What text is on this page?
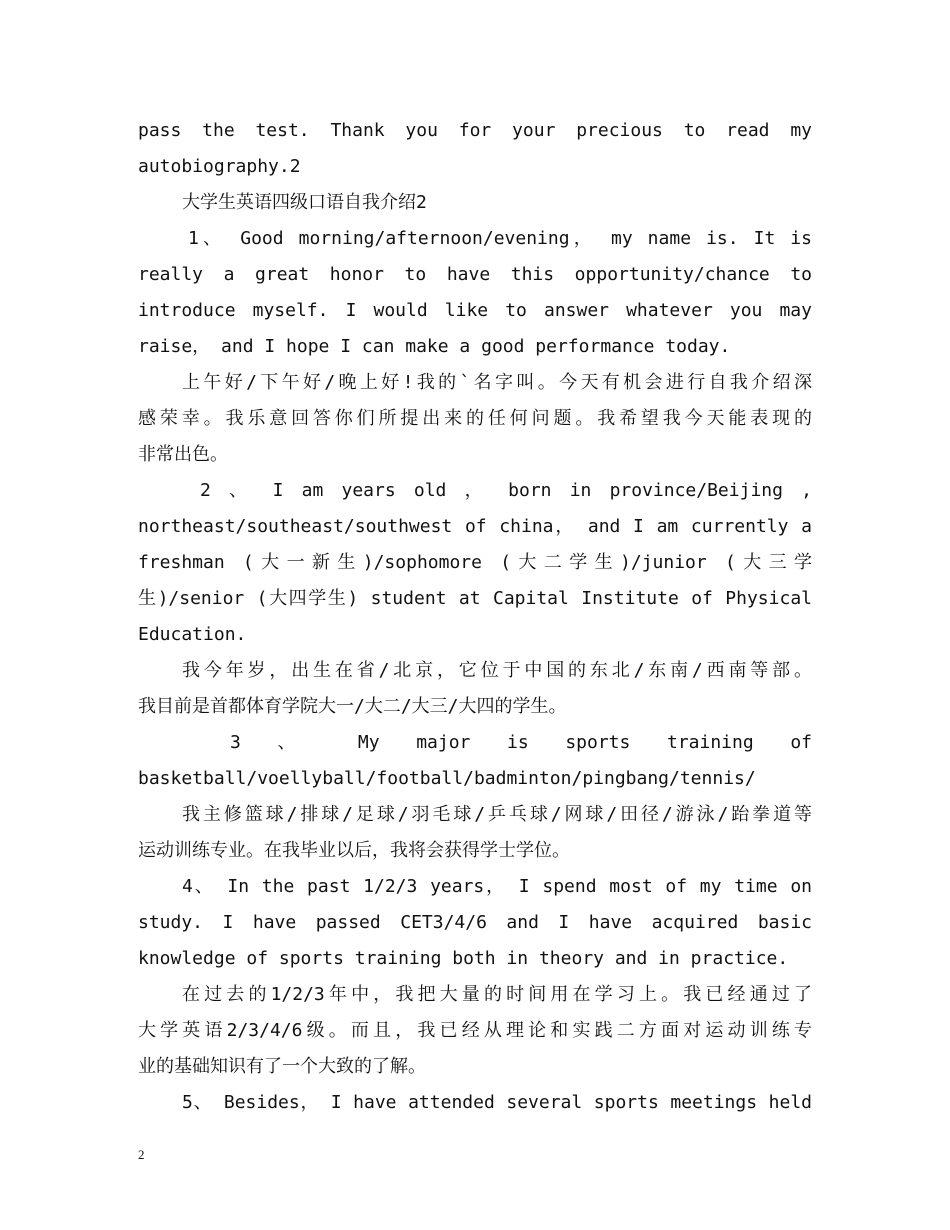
pass the test. Thank you for your precious to read my
autobiography.2
大学生英语四级口语自我介绍2
1、 Good morning/afternoon/evening， my name is. It is
really a great honor to have this opportunity/chance to
introduce myself. I would like to answer whatever you may
raise， and I hope I can make a good performance today.
上午好/下午好/晚上好!我的`名字叫。今天有机会进行自我介绍深
感荣幸。我乐意回答你们所提出来的任何问题。我希望我今天能表现的
非常出色。
2 、 I am years old ， born in province/Beijing ,
northeast/southeast/southwest of china， and I am currently a
freshman (大一新生)/sophomore (大二学生)/junior (大三学
生)/senior (大四学生) student at Capital Institute of Physical
Education.
我今年岁，出生在省/北京，它位于中国的东北/东南/西南等部。
我目前是首都体育学院大一/大二/大三/大四的学生。
3 、 My major is sports training of
basketball/voellyball/football/badminton/pingbang/tennis/
我主修篮球/排球/足球/羽毛球/乒乓球/网球/田径/游泳/跆拳道等
运动训练专业。在我毕业以后，我将会获得学士学位。
4、 In the past 1/2/3 years， I spend most of my time on
study. I have passed CET3/4/6 and I have acquired basic
knowledge of sports training both in theory and in practice.
在过去的1/2/3年中，我把大量的时间用在学习上。我已经通过了
大学英语2/3/4/6级。而且，我已经从理论和实践二方面对运动训练专
业的基础知识有了一个大致的了解。
5、 Besides， I have attended several sports meetings held
2
